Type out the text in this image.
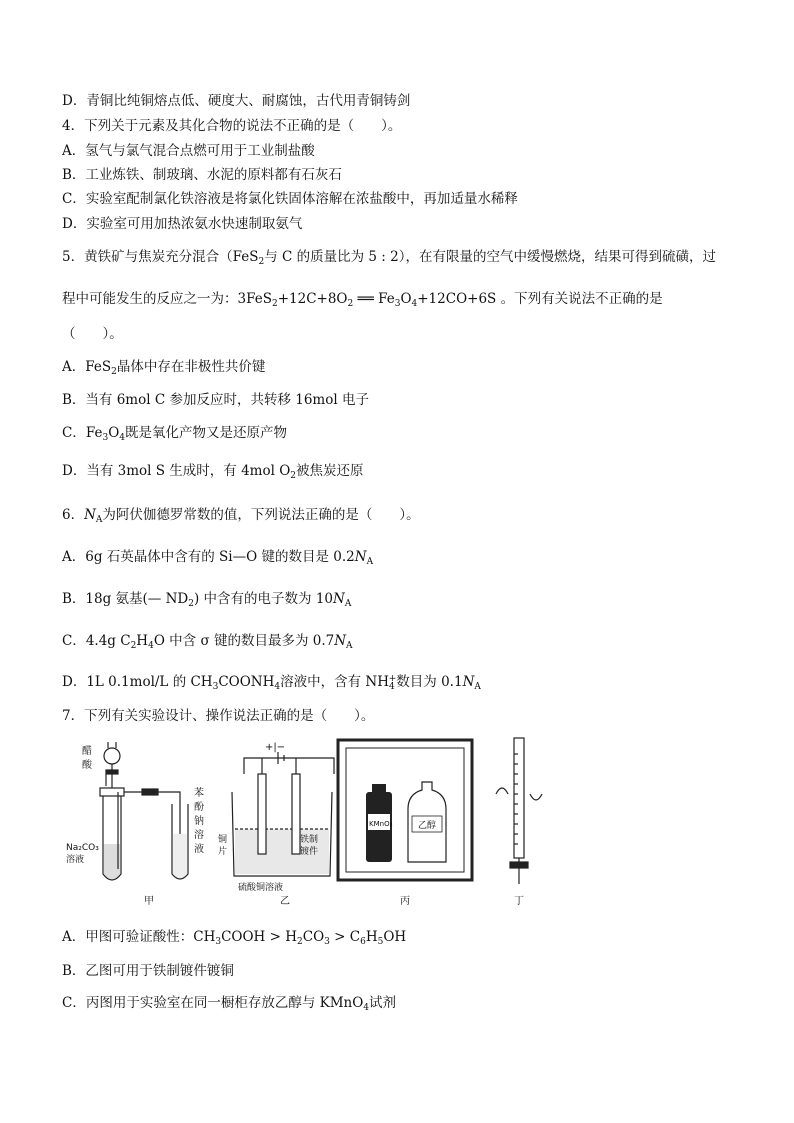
D．青铜比纯铜熔点低、硬度大、耐腐蚀，古代用青铜铸剑
4．下列关于元素及其化合物的说法不正确的是（　　）。
A．氢气与氯气混合点燃可用于工业制盐酸
B．工业炼铁、制玻璃、水泥的原料都有石灰石
C．实验室配制氯化铁溶液是将氯化铁固体溶解在浓盐酸中，再加适量水稀释
D．实验室可用加热浓氨水快速制取氨气
5．黄铁矿与焦炭充分混合（FeS$_2$与 C 的质量比为 5 : 2），在有限量的空气中缓慢燃烧，结果可得到硫磺，过
程中可能发生的反应之一为：$3FeS_2+12C+8O_2$ ══ $Fe_3O_4+12CO+6S$ 。下列有关说法不正确的是
（　　）。
A．FeS$_2$晶体中存在非极性共价键
B．当有 6mol C 参加反应时，共转移 16mol 电子
C．$Fe_3O_4$既是氧化产物又是还原产物
D．当有 3mol S 生成时，有 4mol $O_2$被焦炭还原
6．$N_A$为阿伏伽德罗常数的值，下列说法正确的是（　　）。
A．6g 石英晶体中含有的 Si—O 键的数目是 $0.2N_A$
B．18g 氨基(— $ND_2$) 中含有的电子数为 $10N_A$
C．4.4g $C_2H_4O$ 中含 σ 键的数目最多为 $0.7N_A$
D．1L 0.1mol/L 的 $CH_3COONH_4$溶液中，含有 $NH_4^+$数目为 $0.1N_A$
7．下列有关实验设计、操作说法正确的是（　　）。
醋
酸
Na₂CO₃
溶液
苯
酚
钠
溶
液
甲
+|−
铜
片
铁制
镀件
硫酸铜溶液
乙
KMnO₄	乙醇
丙	丁
A．甲图可验证酸性：$CH_3COOH > H_2CO_3 > C_6H_5OH$
B．乙图可用于铁制镀件镀铜
C．丙图用于实验室在同一橱柜存放乙醇与 KMnO$_4$试剂
